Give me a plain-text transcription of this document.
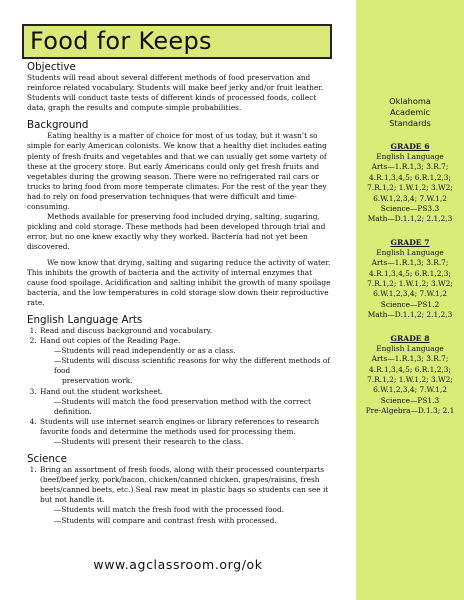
Food for Keeps

Objective

Students will read about several different methods of food preservation and reinforce related vocabulary. Students will make beef jerky and/or fruit leather. Students will conduct taste tests of different kinds of processed foods, collect data, graph the results and compute simple probabilities.

Background

Eating healthy is a matter of choice for most of us today, but it wasn’t so simple for early American colonists. We know that a healthy diet includes eating plenty of fresh fruits and vegetables and that we can usually get some variety of these at the grocery store. But early Americans could only get fresh fruits and vegetables during the growing season. There were no refrigerated rail cars or trucks to bring food from more temperate climates. For the rest of the year they had to rely on food preservation techniques that were difficult and time-consuming.

Methods available for preserving food included drying, salting, sugaring, pickling and cold storage. These methods had been developed through trial and error, but no one knew exactly why they worked. Bacteria had not yet been discovered.

We now know that drying, salting and sugaring reduce the activity of water. This inhibits the growth of bacteria and the activity of internal enzymes that cause food spoilage. Acidification and salting inhibit the growth of many spoilage bacteria, and the low temperatures in cold storage slow down their reproductive rate.

English Language Arts

1. Read and discuss background and vocabulary.
2. Hand out copies of the Reading Page.
—Students will read independently or as a class.
—Students will discuss scientific reasons for why the different methods of food
preservation work.
3. Hand out the student worksheet.
—Students will match the food preservation method with the correct definition.
4. Students will use internet search engines or library references to research favorite foods and determine the methods used for processing them.
—Students will present their research to the class.

Science

1. Bring an assortment of fresh foods, along with their processed counterparts (beef/beef jerky, pork/bacon, chicken/canned chicken, grapes/raisins, fresh beets/canned beets, etc.) Seal raw meat in plastic bags so students can see it but not handle it.
—Students will match the fresh food with the processed food.
—Students will compare and contrast fresh with processed.
www.agclassroom.org/ok
Oklahoma
Academic
Standards
GRADE 6
English Language
Arts—1.R.1,3; 3.R.7;
4.R.1,3,4,5; 6.R.1,2,3;
7.R.1,2; 1.W.1,2; 3.W2;
6.W.1,2,3,4; 7.W.1,2
Science—PS3.3
Math—D.1.1,2; 2.1,2,3
GRADE 7
English Language
Arts—1.R.1,3; 3.R.7;
4.R.1,3,4,5; 6.R.1,2,3;
7.R.1,2; 1.W.1,2; 3.W2;
6.W.1,2,3,4; 7.W.1,2
Science—PS1.2
Math—D.1.1,2; 2.1,2,3
GRADE 8
English Language
Arts—1.R.1,3; 3.R.7;
4.R.1,3,4,5; 6.R.1,2,3;
7.R.1,2; 1.W.1,2; 3.W2;
6.W.1,2,3,4; 7.W.1,2
Science—PS1.3
Pre-Algebra—D.1.3; 2.1
